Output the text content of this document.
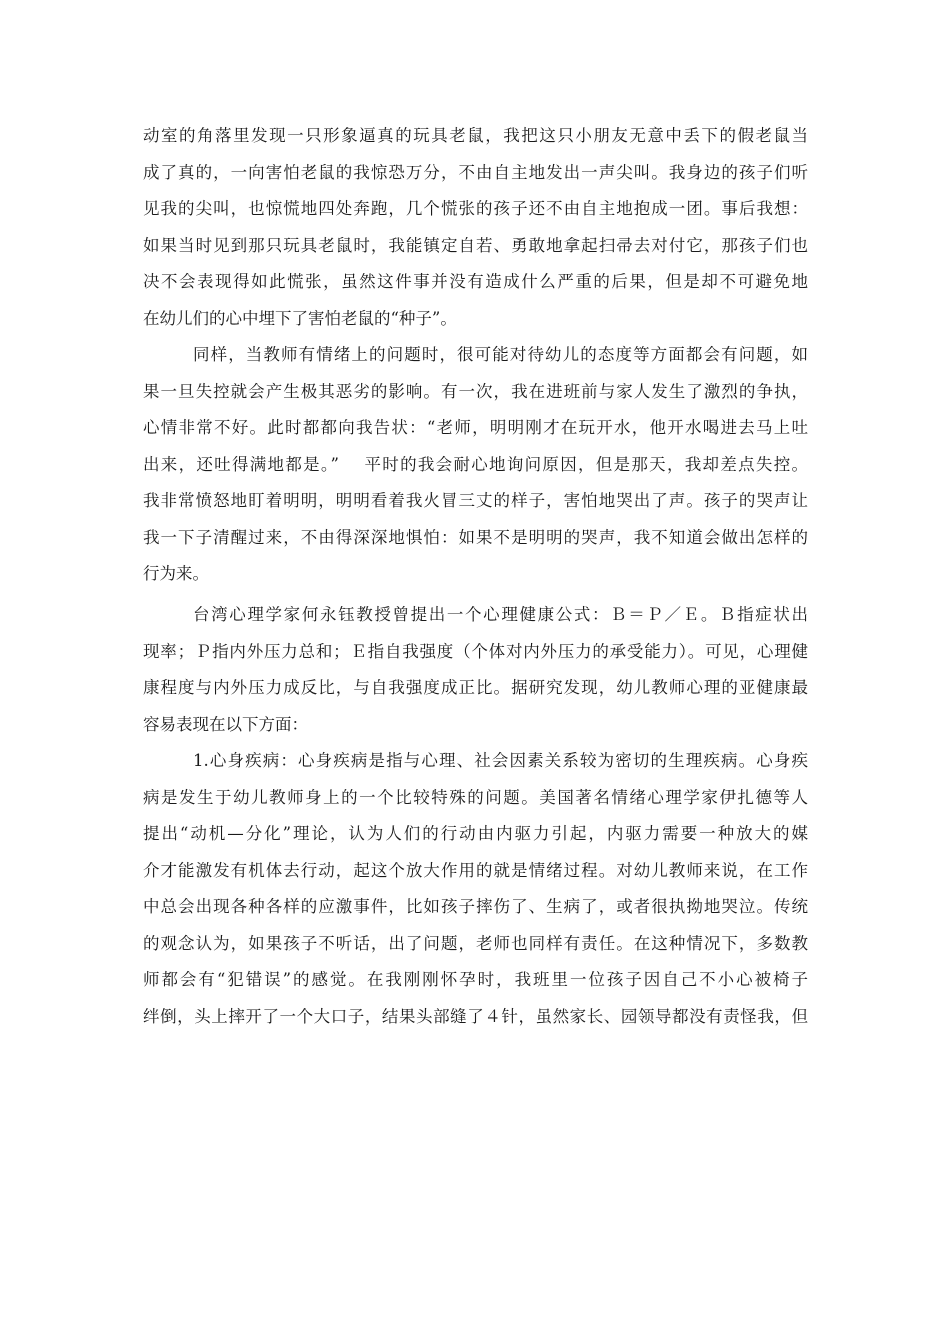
动室的角落里发现一只形象逼真的玩具老鼠，我把这只小朋友无意中丢下的假老鼠当
成了真的，一向害怕老鼠的我惊恐万分，不由自主地发出一声尖叫。我身边的孩子们听
见我的尖叫，也惊慌地四处奔跑，几个慌张的孩子还不由自主地抱成一团。事后我想：
如果当时见到那只玩具老鼠时，我能镇定自若、勇敢地拿起扫帚去对付它，那孩子们也
决不会表现得如此慌张，虽然这件事并没有造成什么严重的后果，但是却不可避免地
在幼儿们的心中埋下了害怕老鼠的“种子”。
同样，当教师有情绪上的问题时，很可能对待幼儿的态度等方面都会有问题，如
果一旦失控就会产生极其恶劣的影响。有一次，我在进班前与家人发生了激烈的争执，
心情非常不好。此时都都向我告状：“老师，明明刚才在玩开水，他开水喝进去马上吐
出来，还吐得满地都是。”　 平时的我会耐心地询问原因，但是那天，我却差点失控。
我非常愤怒地盯着明明，明明看着我火冒三丈的样子，害怕地哭出了声。孩子的哭声让
我一下子清醒过来，不由得深深地惧怕：如果不是明明的哭声，我不知道会做出怎样的
行为来。
台湾心理学家何永钰教授曾提出一个心理健康公式：Ｂ＝Ｐ／Ｅ。Ｂ指症状出
现率；Ｐ指内外压力总和；Ｅ指自我强度（个体对内外压力的承受能力）。可见，心理健
康程度与内外压力成反比，与自我强度成正比。据研究发现，幼儿教师心理的亚健康最
容易表现在以下方面：
1.心身疾病：心身疾病是指与心理、社会因素关系较为密切的生理疾病。心身疾
病是发生于幼儿教师身上的一个比较特殊的问题。美国著名情绪心理学家伊扎德等人
提出“动机—分化”理论，认为人们的行动由内驱力引起，内驱力需要一种放大的媒
介才能激发有机体去行动，起这个放大作用的就是情绪过程。对幼儿教师来说，在工作
中总会出现各种各样的应激事件，比如孩子摔伤了、生病了，或者很执拗地哭泣。传统
的观念认为，如果孩子不听话，出了问题，老师也同样有责任。在这种情况下，多数教
师都会有“犯错误”的感觉。在我刚刚怀孕时，我班里一位孩子因自己不小心被椅子
绊倒，头上摔开了一个大口子，结果头部缝了４针，虽然家长、园领导都没有责怪我，但
